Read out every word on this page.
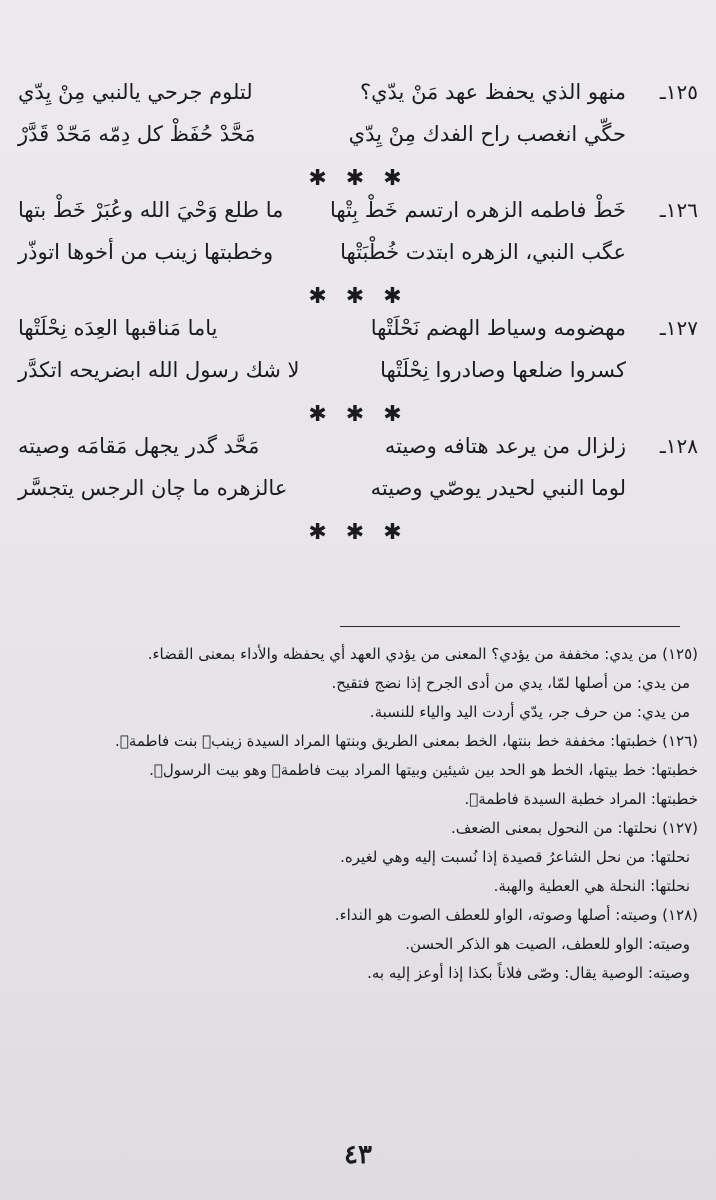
١٢٥ـ
منهو الذي يحفظ عهد مَنْ يدّي؟
لتلوم جرحي يالنبي مِنْ يِدّي
حگّي انغصب راح الفدك مِنْ يِدّي
مَحَّدْ حُفَظْ كل دِمّه مَحّدْ قَدَّرْ
✱ ✱ ✱
١٢٦ـ
خَطْ فاطمه الزهره ارتسم خَطْ بِتْها
ما طلع وَحْيَ الله وعُبَرْ خَطْ بتها
عگب النبي، الزهره ابتدت خُطْبَتْها
وخطبتها زينب من أخوها اتوذّر
✱ ✱ ✱
١٢٧ـ
مهضومه وسياط الهضم نَحْلَتْها
ياما مَناقبها العِدَه نِحْلَتْها
كسروا ضلعها وصادروا نِحْلَتْها
لا شك رسول الله ابضريحه اتكدَّر
✱ ✱ ✱
١٢٨ـ
زلزال من يرعد هتافه وصيته
مَحَّد گدر يجهل مَقامَه وصيته
لوما النبي لحيدر يوصّي وصيته
عالزهره ما چان الرجس يتجسَّر
✱ ✱ ✱
(١٢٥) من يدي: مخففة من يؤدي؟ المعنى من يؤدي العهد أي يحفظه والأداء بمعنى القضاء.
من يدي: من أصلها لمّا، يدي من أدى الجرح إذا نضج فتقيح.
من يدي: من حرف جر، يدّي أردت اليد والياء للنسبة.
(١٢٦) خطبتها: مخففة خط بنتها، الخط بمعنى الطريق وبنتها المراد السيدة زينب﷤ بنت فاطمة﷤.
خطبتها: خط بيتها، الخط هو الحد بين شيئين وبيتها المراد بيت فاطمة﷤ وهو بيت الرسول﷤.
خطبتها: المراد خطبة السيدة فاطمة﷤.
(١٢٧) نحلتها: من النحول بمعنى الضعف.
نحلتها: من نحل الشاعرُ قصيدة إذا نُسبت إليه وهي لغيره.
نحلتها: النحلة هي العطية والهبة.
(١٢٨) وصيته: أصلها وصوته، الواو للعطف الصوت هو النداء.
وصيته: الواو للعطف، الصيت هو الذكر الحسن.
وصيته: الوصية يقال: وصّى فلاناً بكذا إذا أوعز إليه به.
٤٣
